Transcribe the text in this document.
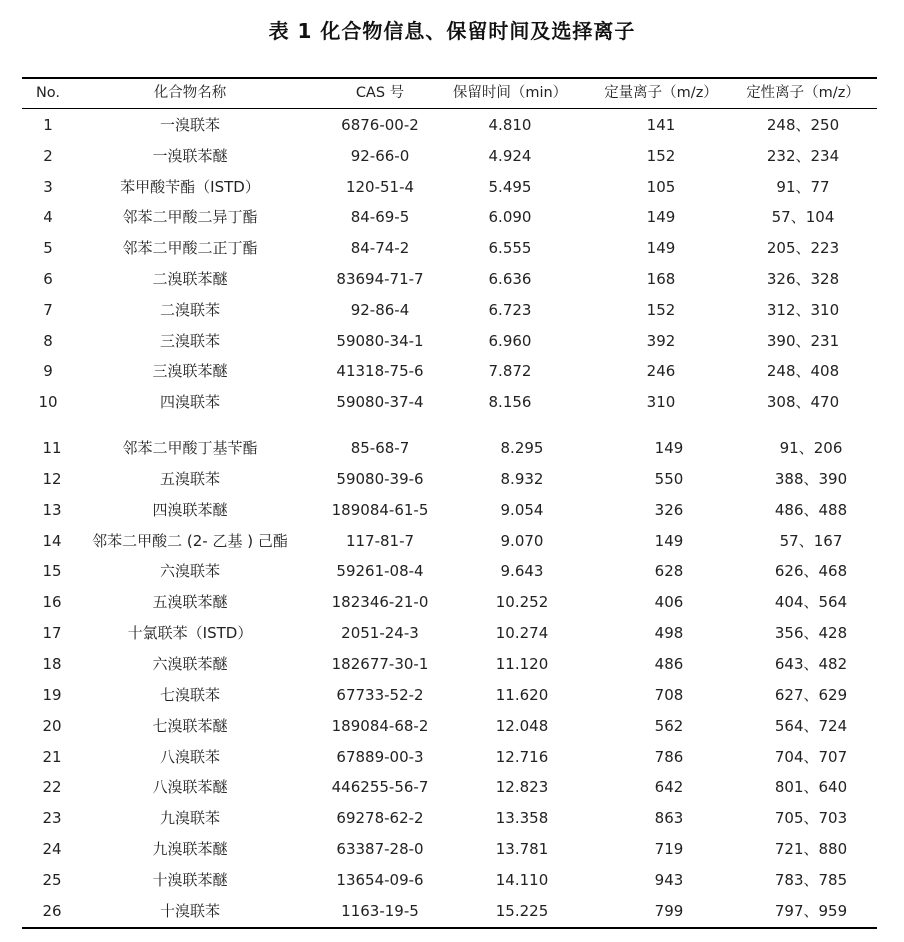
表 1 化合物信息、保留时间及选择离子
No.	化合物名称	CAS 号	保留时间（min）	定量离子（m/z）	定性离子（m/z）
1	一溴联苯	6876-00-2	4.810	141	248、250
2	一溴联苯醚	92-66-0	4.924	152	232、234
3	苯甲酸苄酯（ISTD）	120-51-4	5.495	105	91、77
4	邻苯二甲酸二异丁酯	84-69-5	6.090	149	57、104
5	邻苯二甲酸二正丁酯	84-74-2	6.555	149	205、223
6	二溴联苯醚	83694-71-7	6.636	168	326、328
7	二溴联苯	92-86-4	6.723	152	312、310
8	三溴联苯	59080-34-1	6.960	392	390、231
9	三溴联苯醚	41318-75-6	7.872	246	248、408
10	四溴联苯	59080-37-4	8.156	310	308、470
11	邻苯二甲酸丁基苄酯	85-68-7	8.295	149	91、206
12	五溴联苯	59080-39-6	8.932	550	388、390
13	四溴联苯醚	189084-61-5	9.054	326	486、488
14	邻苯二甲酸二 (2- 乙基 ) 己酯	117-81-7	9.070	149	57、167
15	六溴联苯	59261-08-4	9.643	628	626、468
16	五溴联苯醚	182346-21-0	10.252	406	404、564
17	十氯联苯（ISTD）	2051-24-3	10.274	498	356、428
18	六溴联苯醚	182677-30-1	11.120	486	643、482
19	七溴联苯	67733-52-2	11.620	708	627、629
20	七溴联苯醚	189084-68-2	12.048	562	564、724
21	八溴联苯	67889-00-3	12.716	786	704、707
22	八溴联苯醚	446255-56-7	12.823	642	801、640
23	九溴联苯	69278-62-2	13.358	863	705、703
24	九溴联苯醚	63387-28-0	13.781	719	721、880
25	十溴联苯醚	13654-09-6	14.110	943	783、785
26	十溴联苯	1163-19-5	15.225	799	797、959
